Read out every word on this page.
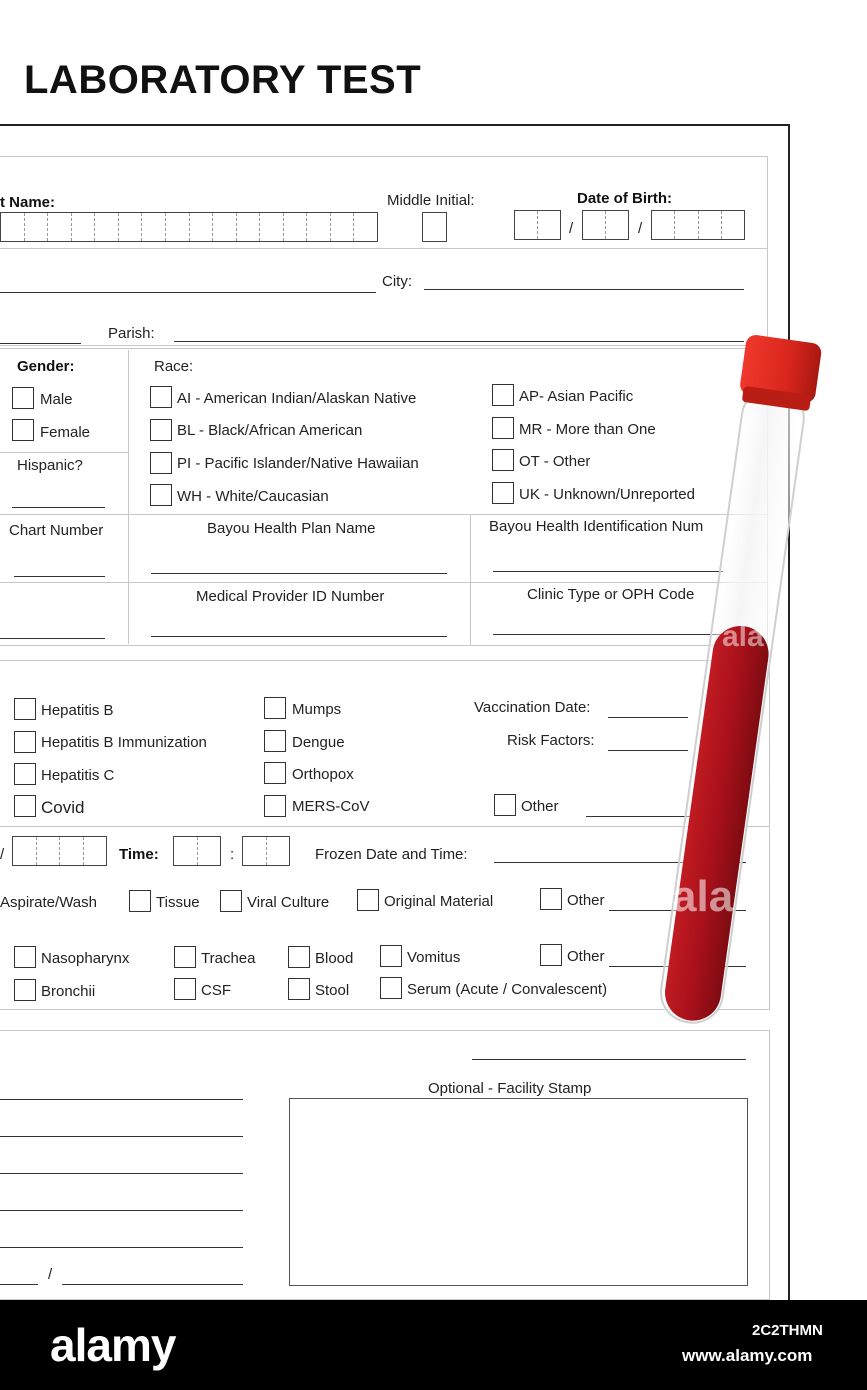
LABORATORY TEST
t Name:	Middle Initial:	Date of Birth:
/	/
City:
Parish:
Gender:
Male
Female
Hispanic?
Race:
AI - American Indian/Alaskan Native
BL - Black/African American
PI - Pacific Islander/Native Hawaiian
WH - White/Caucasian
AP- Asian Pacific
MR - More than One
OT - Other
UK - Unknown/Unreported
Chart Number	Bayou Health Plan Name	Bayou Health Identification Num
Medical Provider ID Number	Clinic Type or OPH Code
Hepatitis B
Hepatitis B Immunization
Hepatitis C
Covid
Mumps
Dengue
Orthopox
MERS-CoV
Vaccination Date:
Risk Factors:
Other
/	Time:	:	Frozen Date and Time:
Aspirate/Wash	Tissue	Viral Culture	Original Material	Other
Nasopharynx	Trachea	Blood	Vomitus	Other
Bronchii	CSF	Stool	Serum (Acute / Convalescent)
Optional - Facility Stamp
/
ala
ala
alamy	2C2THMN
www.alamy.com
